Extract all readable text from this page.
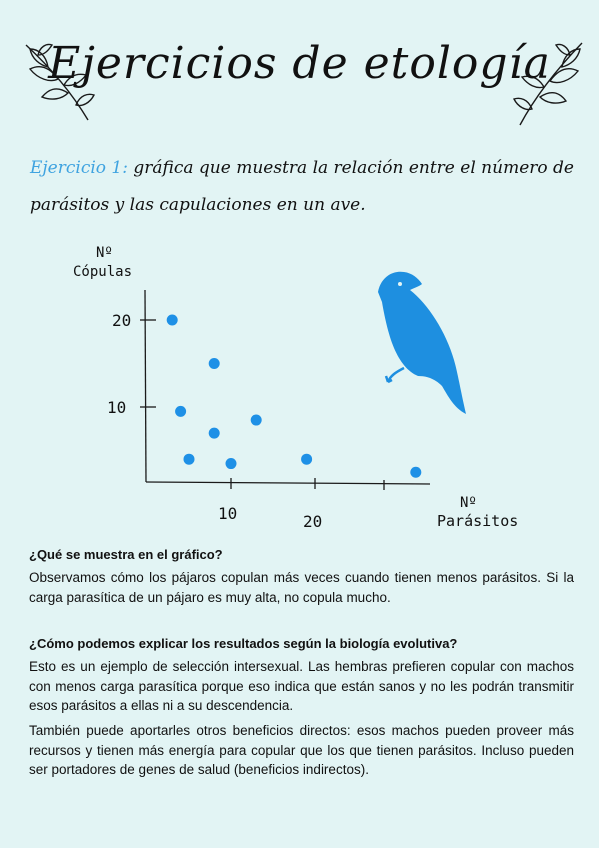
Ejercicios de etología
Ejercicio 1: gráfica que muestra la relación entre el número de parásitos y las capulaciones en un ave.
20
10
10	20
Nº
Cópulas
Nº
Parásitos
¿Qué se muestra en el gráfico?
Observamos cómo los pájaros copulan más veces cuando tienen menos parásitos. Si la carga parasítica de un pájaro es muy alta, no copula mucho.
¿Cómo podemos explicar los resultados según la biología evolutiva?
Esto es un ejemplo de selección intersexual. Las hembras prefieren copular con machos con menos carga parasítica porque eso indica que están sanos y no les podrán transmitir esos parásitos a ellas ni a su descendencia.
También puede aportarles otros beneficios directos: esos machos pueden proveer más recursos y tienen más energía para copular que los que tienen parásitos. Incluso pueden ser portadores de genes de salud (beneficios indirectos).
